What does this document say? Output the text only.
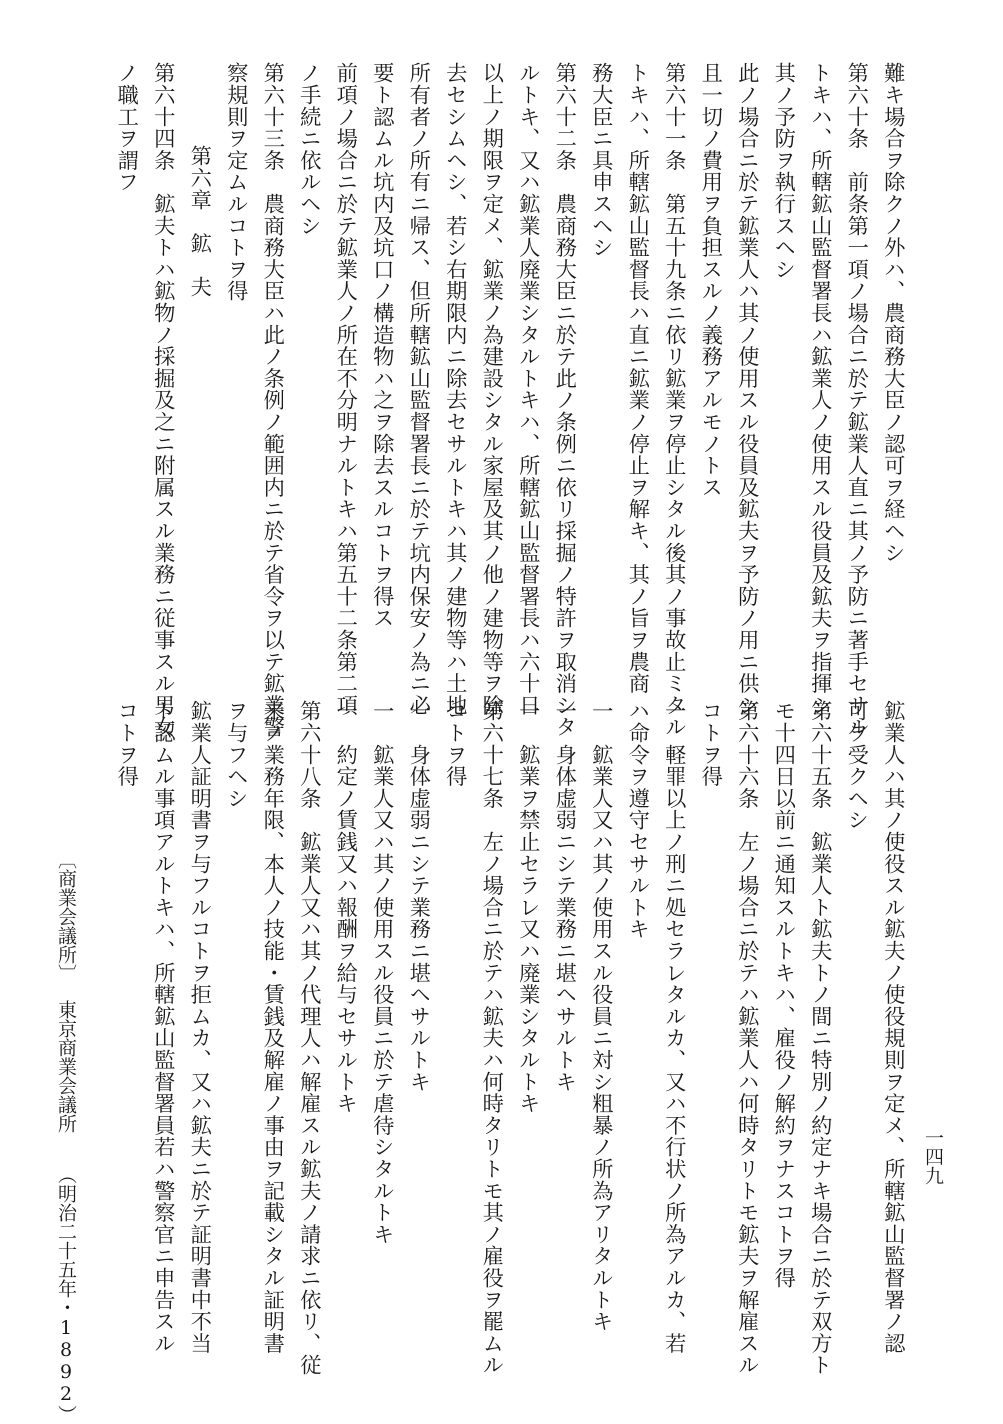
難キ場合ヲ除クノ外ハ、農商務大臣ノ認可ヲ経ヘシ
第六十条　前条第一項ノ場合ニ於テ鉱業人直ニ其ノ予防ニ著手セサル
トキハ、所轄鉱山監督署長ハ鉱業人ノ使用スル役員及鉱夫ヲ指揮シ
其ノ予防ヲ執行スヘシ
此ノ場合ニ於テ鉱業人ハ其ノ使用スル役員及鉱夫ヲ予防ノ用ニ供シ
且一切ノ費用ヲ負担スルノ義務アルモノトス
第六十一条　第五十九条ニ依リ鉱業ヲ停止シタル後其ノ事故止ミタル
トキハ、所轄鉱山監督長ハ直ニ鉱業ノ停止ヲ解キ、其ノ旨ヲ農商
務大臣ニ具申スヘシ
第六十二条　農商務大臣ニ於テ此ノ条例ニ依リ採掘ノ特許ヲ取消シタ
ルトキ、又ハ鉱業人廃業シタルトキハ、所轄鉱山監督署長ハ六十日
以上ノ期限ヲ定メ、鉱業ノ為建設シタル家屋及其ノ他ノ建物等ヲ除
去セシムヘシ、若シ右期限内ニ除去セサルトキハ其ノ建物等ハ土地
所有者ノ所有ニ帰ス、但所轄鉱山監督署長ニ於テ坑内保安ノ為ニ必
要ト認ムル坑内及坑口ノ構造物ハ之ヲ除去スルコトヲ得ス
前項ノ場合ニ於テ鉱業人ノ所在不分明ナルトキハ第五十二条第二項
ノ手続ニ依ルヘシ
第六十三条　農商務大臣ハ此ノ条例ノ範囲内ニ於テ省令ヲ以テ鉱業警
察規則ヲ定ムルコトヲ得
第六章　鉱　夫
第六十四条　鉱夫トハ鉱物ノ採掘及之ニ附属スル業務ニ従事スル男女
ノ職工ヲ謂フ
鉱業人ハ其ノ使役スル鉱夫ノ使役規則ヲ定メ、所轄鉱山監督署ノ認
可ヲ受クヘシ
第六十五条　鉱業人ト鉱夫トノ間ニ特別ノ約定ナキ場合ニ於テ双方ト
モ十四日以前ニ通知スルトキハ、雇役ノ解約ヲナスコトヲ得
第六十六条　左ノ場合ニ於テハ鉱業人ハ何時タリトモ鉱夫ヲ解雇スル
コトヲ得
一　軽罪以上ノ刑ニ処セラレタルカ、又ハ不行状ノ所為アルカ、若
ハ命令ヲ遵守セサルトキ
一　鉱業人又ハ其ノ使用スル役員ニ対シ粗暴ノ所為アリタルトキ
一　身体虚弱ニシテ業務ニ堪ヘサルトキ
一　鉱業ヲ禁止セラレ又ハ廃業シタルトキ
第六十七条　左ノ場合ニ於テハ鉱夫ハ何時タリトモ其ノ雇役ヲ罷ムル
コトヲ得
一　身体虚弱ニシテ業務ニ堪ヘサルトキ
一　鉱業人又ハ其ノ使用スル役員ニ於テ虐待シタルトキ
一　約定ノ賃銭又ハ報酬ヲ給与セサルトキ
第六十八条　鉱業人又ハ其ノ代理人ハ解雇スル鉱夫ノ請求ニ依リ、従
来ノ業務年限、本人ノ技能・賃銭及解雇ノ事由ヲ記載シタル証明書
ヲ与フヘシ
鉱業人証明書ヲ与フルコトヲ拒ムカ、又ハ鉱夫ニ於テ証明書中不当
ト認ムル事項アルトキハ、所轄鉱山監督署員若ハ警察官ニ申告スル
コトヲ得
〔商業会議所〕
東京商業会議所
（明治二十五年・1892）
一四九
